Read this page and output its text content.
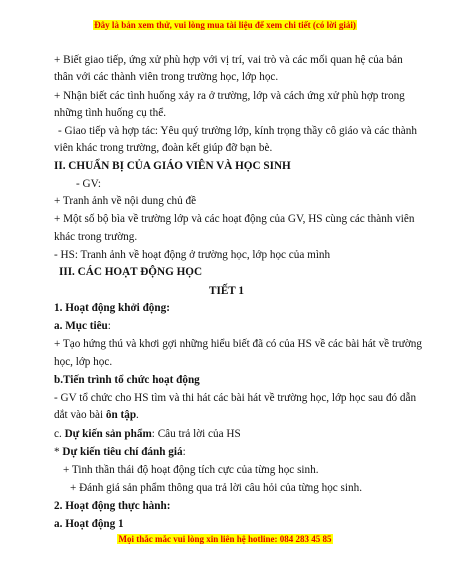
Đây là bản xem thử, vui lòng mua tài liệu để xem chi tiết (có lời giải)
+ Biết giao tiếp, ứng xử phù hợp với vị trí, vai trò và các mối quan hệ của bản
thân với các thành viên trong trường học, lớp học.
+ Nhận biết các tình huống xảy ra ở trường, lớp và cách ứng xử phù hợp trong
những tình huống cụ thể.
- Giao tiếp và hợp tác: Yêu quý trường lớp, kính trọng thầy cô giáo và các thành
viên khác trong trường, đoàn kết giúp đỡ bạn bè.
II. CHUẨN BỊ CỦA GIÁO VIÊN VÀ HỌC SINH
- GV:
+ Tranh ảnh về nội dung chủ đề
+ Một số bộ bìa về trường lớp và các hoạt động của GV, HS cùng các thành viên
khác trong trường.
- HS: Tranh ảnh về hoạt động ở trường học, lớp học của mình
III. CÁC HOẠT ĐỘNG HỌC
TIẾT 1
1. Hoạt động khởi động:
a. Mục tiêu:
+ Tạo hứng thú và khơi gợi những hiểu biết đã có của HS về các bài hát về trường
học, lớp học.
b.Tiến trình tổ chức hoạt động
- GV tổ chức cho HS tìm và thi hát các bài hát về trường học, lớp học sau đó dẫn
dắt vào bài ôn tập.
c. Dự kiến sản phẩm: Câu trả lời của HS
* Dự kiến tiêu chí đánh giá:
+ Tinh thần thái độ hoạt động tích cực của từng học sinh.
+ Đánh giá sản phẩm thông qua trả lời câu hỏi của từng học sinh.
2. Hoạt động thực hành:
a. Hoạt động 1
Mọi thắc mắc vui lòng xin liên hệ hotline: 084 283 45 85
